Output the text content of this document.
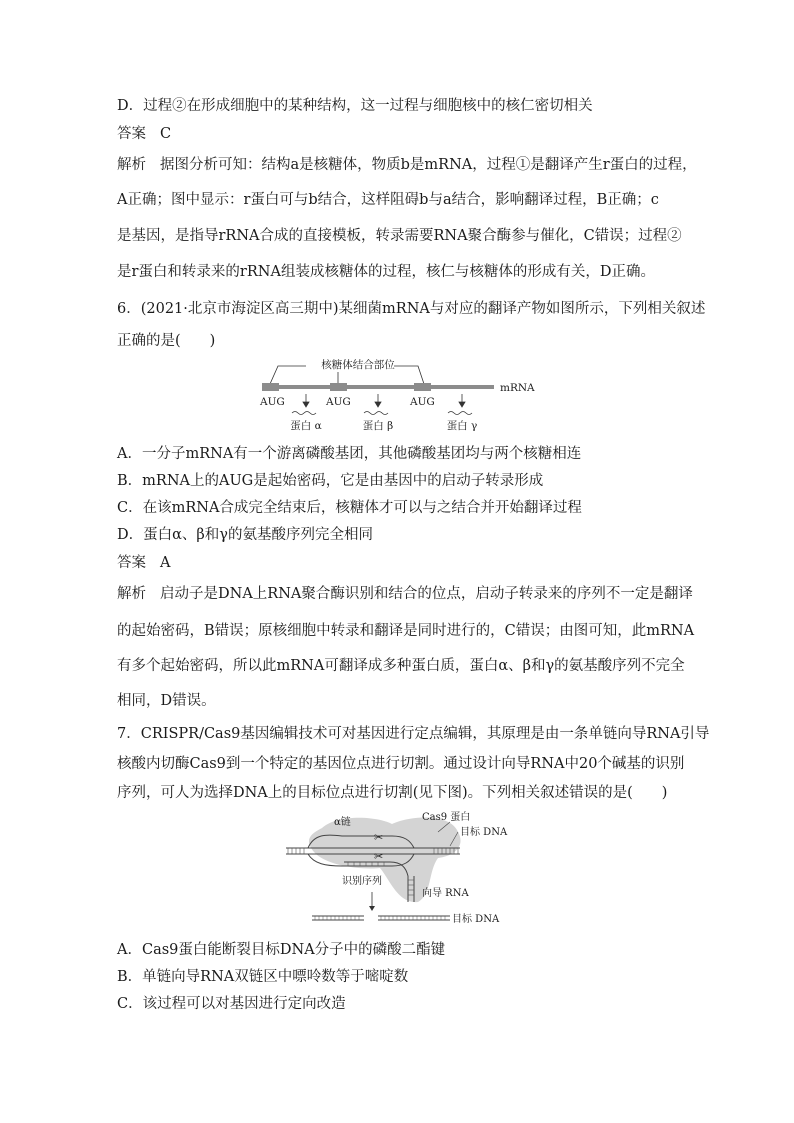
D．过程②在形成细胞中的某种结构，这一过程与细胞核中的核仁密切相关
答案 C
解析 据图分析可知：结构a是核糖体，物质b是mRNA，过程①是翻译产生r蛋白的过程，
A正确；图中显示：r蛋白可与b结合，这样阻碍b与a结合，影响翻译过程，B正确；c
是基因，是指导rRNA合成的直接模板，转录需要RNA聚合酶参与催化，C错误；过程②
是r蛋白和转录来的rRNA组装成核糖体的过程，核仁与核糖体的形成有关，D正确。
6．(2021·北京市海淀区高三期中)某细菌mRNA与对应的翻译产物如图所示，下列相关叙述
正确的是(　　)
核糖体结合部位
mRNA
AUG	AUG	AUG
蛋白 α	蛋白 β	蛋白 γ
A．一分子mRNA有一个游离磷酸基团，其他磷酸基团均与两个核糖相连
B．mRNA上的AUG是起始密码，它是由基因中的启动子转录形成
C．在该mRNA合成完全结束后，核糖体才可以与之结合并开始翻译过程
D．蛋白α、β和γ的氨基酸序列完全相同
答案 A
解析 启动子是DNA上RNA聚合酶识别和结合的位点，启动子转录来的序列不一定是翻译
的起始密码，B错误；原核细胞中转录和翻译是同时进行的，C错误；由图可知，此mRNA
有多个起始密码，所以此mRNA可翻译成多种蛋白质，蛋白α、β和γ的氨基酸序列不完全
相同，D错误。
7．CRISPR/Cas9基因编辑技术可对基因进行定点编辑，其原理是由一条单链向导RNA引导
核酸内切酶Cas9到一个特定的基因位点进行切割。通过设计向导RNA中20个碱基的识别
序列，可人为选择DNA上的目标位点进行切割(见下图)。下列相关叙述错误的是(　　)
α链	Cas9 蛋白
目标 DNA
✂
✂
识别序列
向导 RNA
目标 DNA
A．Cas9蛋白能断裂目标DNA分子中的磷酸二酯键
B．单链向导RNA双链区中嘌呤数等于嘧啶数
C．该过程可以对基因进行定向改造
